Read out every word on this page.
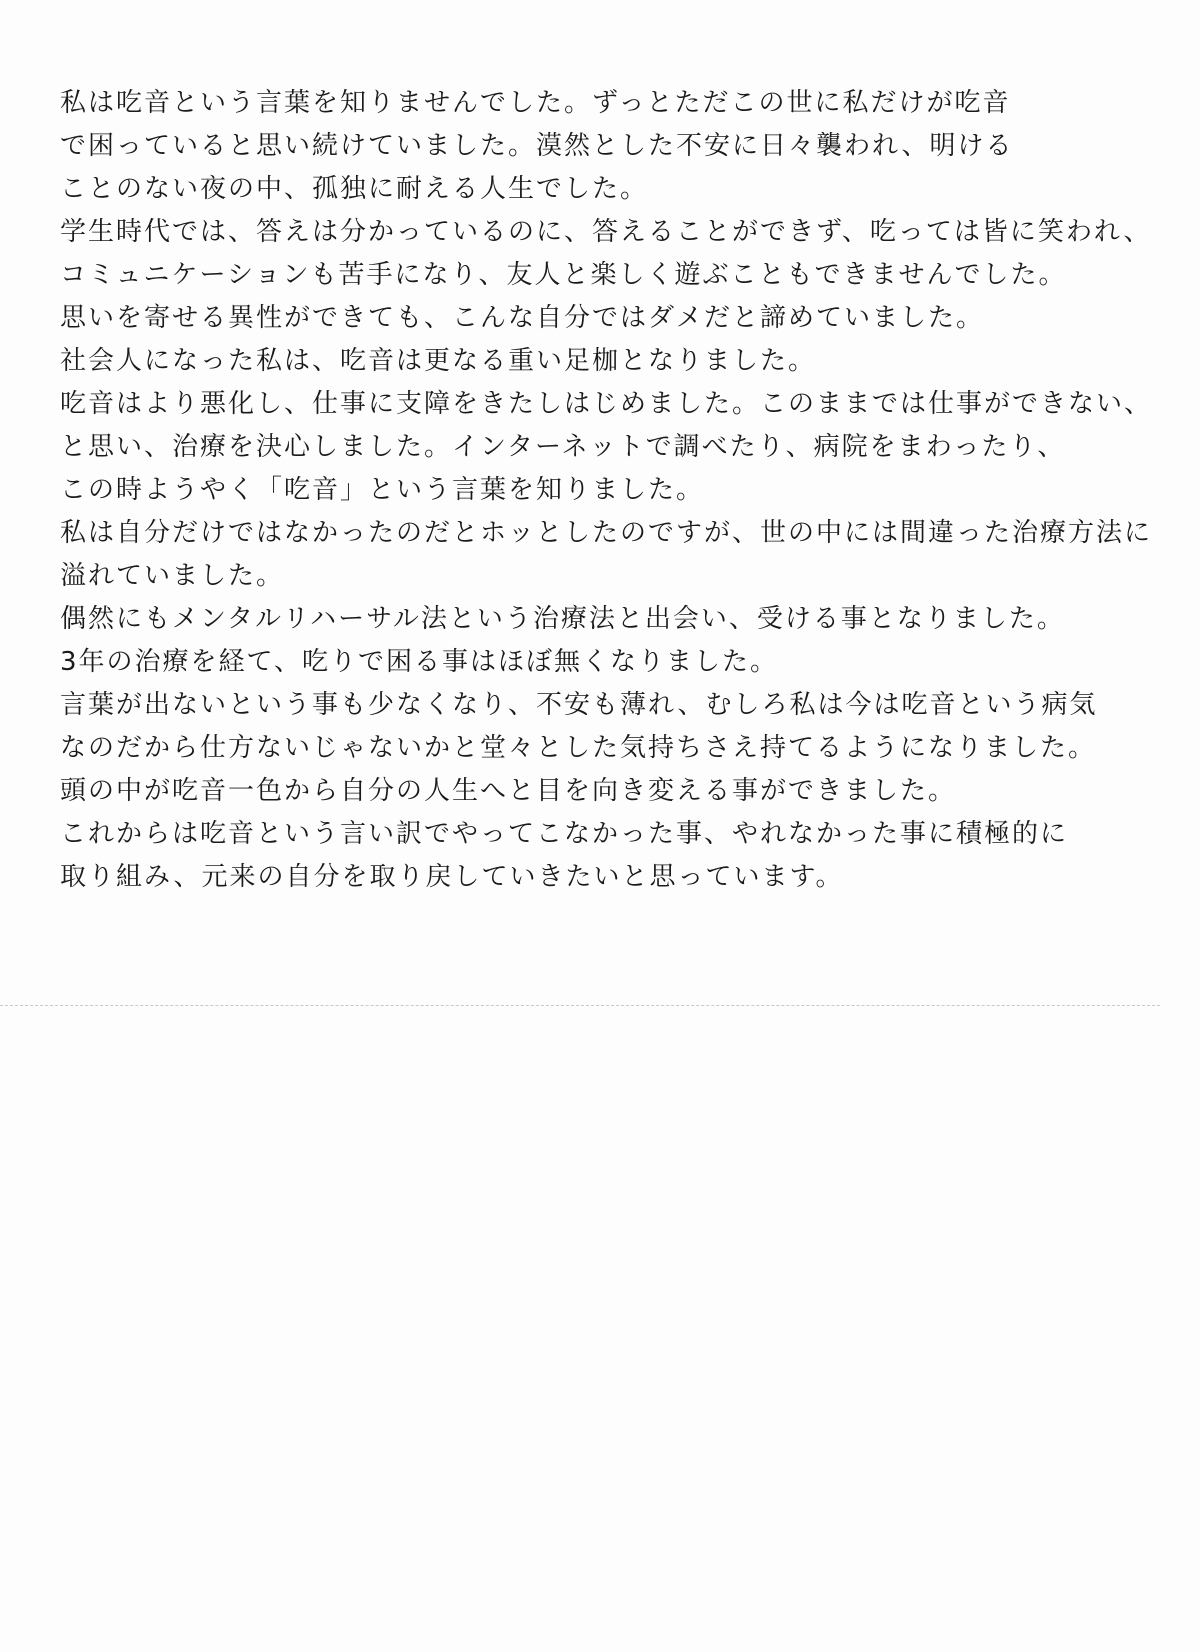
私は吃音という言葉を知りませんでした。ずっとただこの世に私だけが吃音
で困っていると思い続けていました。漠然とした不安に日々襲われ、明ける
ことのない夜の中、孤独に耐える人生でした。
学生時代では、答えは分かっているのに、答えることができず、吃っては皆に笑われ、
コミュニケーションも苦手になり、友人と楽しく遊ぶこともできませんでした。
思いを寄せる異性ができても、こんな自分ではダメだと諦めていました。
社会人になった私は、吃音は更なる重い足枷となりました。
吃音はより悪化し、仕事に支障をきたしはじめました。このままでは仕事ができない、
と思い、治療を決心しました。インターネットで調べたり、病院をまわったり、
この時ようやく「吃音」という言葉を知りました。
私は自分だけではなかったのだとホッとしたのですが、世の中には間違った治療方法に
溢れていました。
偶然にもメンタルリハーサル法という治療法と出会い、受ける事となりました。
3年の治療を経て、吃りで困る事はほぼ無くなりました。
言葉が出ないという事も少なくなり、不安も薄れ、むしろ私は今は吃音という病気
なのだから仕方ないじゃないかと堂々とした気持ちさえ持てるようになりました。
頭の中が吃音一色から自分の人生へと目を向き変える事ができました。
これからは吃音という言い訳でやってこなかった事、やれなかった事に積極的に
取り組み、元来の自分を取り戻していきたいと思っています。
